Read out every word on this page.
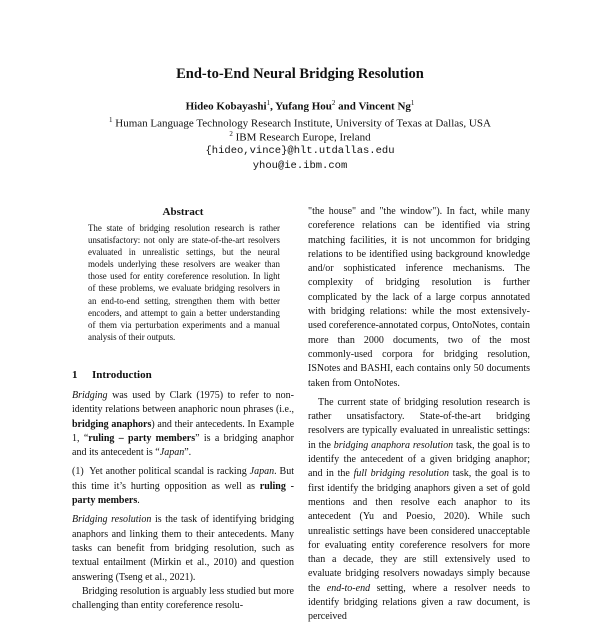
End-to-End Neural Bridging Resolution
Hideo Kobayashi$^1$, Yufang Hou$^2$ and Vincent Ng$^1$
$^1$ Human Language Technology Research Institute, University of Texas at Dallas, USA
$^2$ IBM Research Europe, Ireland
{hideo,vince}@hlt.utdallas.edu
yhou@ie.ibm.com
Abstract
The state of bridging resolution research is rather unsatisfactory: not only are state-of-the-art resolvers evaluated in unrealistic settings, but the neural models underlying these resolvers are weaker than those used for entity coreference resolution. In light of these problems, we evaluate bridging resolvers in an end-to-end setting, strengthen them with better encoders, and attempt to gain a better understanding of them via perturbation experiments and a manual analysis of their outputs.
1 Introduction

Bridging was used by Clark (1975) to refer to non-identity relations between anaphoric noun phrases (i.e., bridging anaphors) and their antecedents. In Example 1, “ruling – party members” is a bridging anaphor and its antecedent is “Japan”.

(1) Yet another political scandal is racking Japan. But this time it’s hurting opposition as well as ruling - party members.

Bridging resolution is the task of identifying bridging anaphors and linking them to their antecedents. Many tasks can benefit from bridging resolution, such as textual entailment (Mirkin et al., 2010) and question answering (Tseng et al., 2021).

Bridging resolution is arguably less studied but more challenging than entity coreference resolu-

"the house" and "the window"). In fact, while many coreference relations can be identified via string matching facilities, it is not uncommon for bridging relations to be identified using background knowledge and/or sophisticated inference mechanisms. The complexity of bridging resolution is further complicated by the lack of a large corpus annotated with bridging relations: while the most extensively-used coreference-annotated corpus, OntoNotes, contain more than 2000 documents, two of the most commonly-used corpora for bridging resolution, ISNotes and BASHI, each contains only 50 documents taken from OntoNotes.

The current state of bridging resolution research is rather unsatisfactory. State-of-the-art bridging resolvers are typically evaluated in unrealistic settings: in the bridging anaphora resolution task, the goal is to identify the antecedent of a given bridging anaphor; and in the full bridging resolution task, the goal is to first identify the bridging anaphors given a set of gold mentions and then resolve each anaphor to its antecedent (Yu and Poesio, 2020). While such unrealistic settings have been considered unacceptable for evaluating entity coreference resolvers for more than a decade, they are still extensively used to evaluate bridging resolvers nowadays simply because the end-to-end setting, where a resolver needs to identify bridging relations given a raw document, is perceived
